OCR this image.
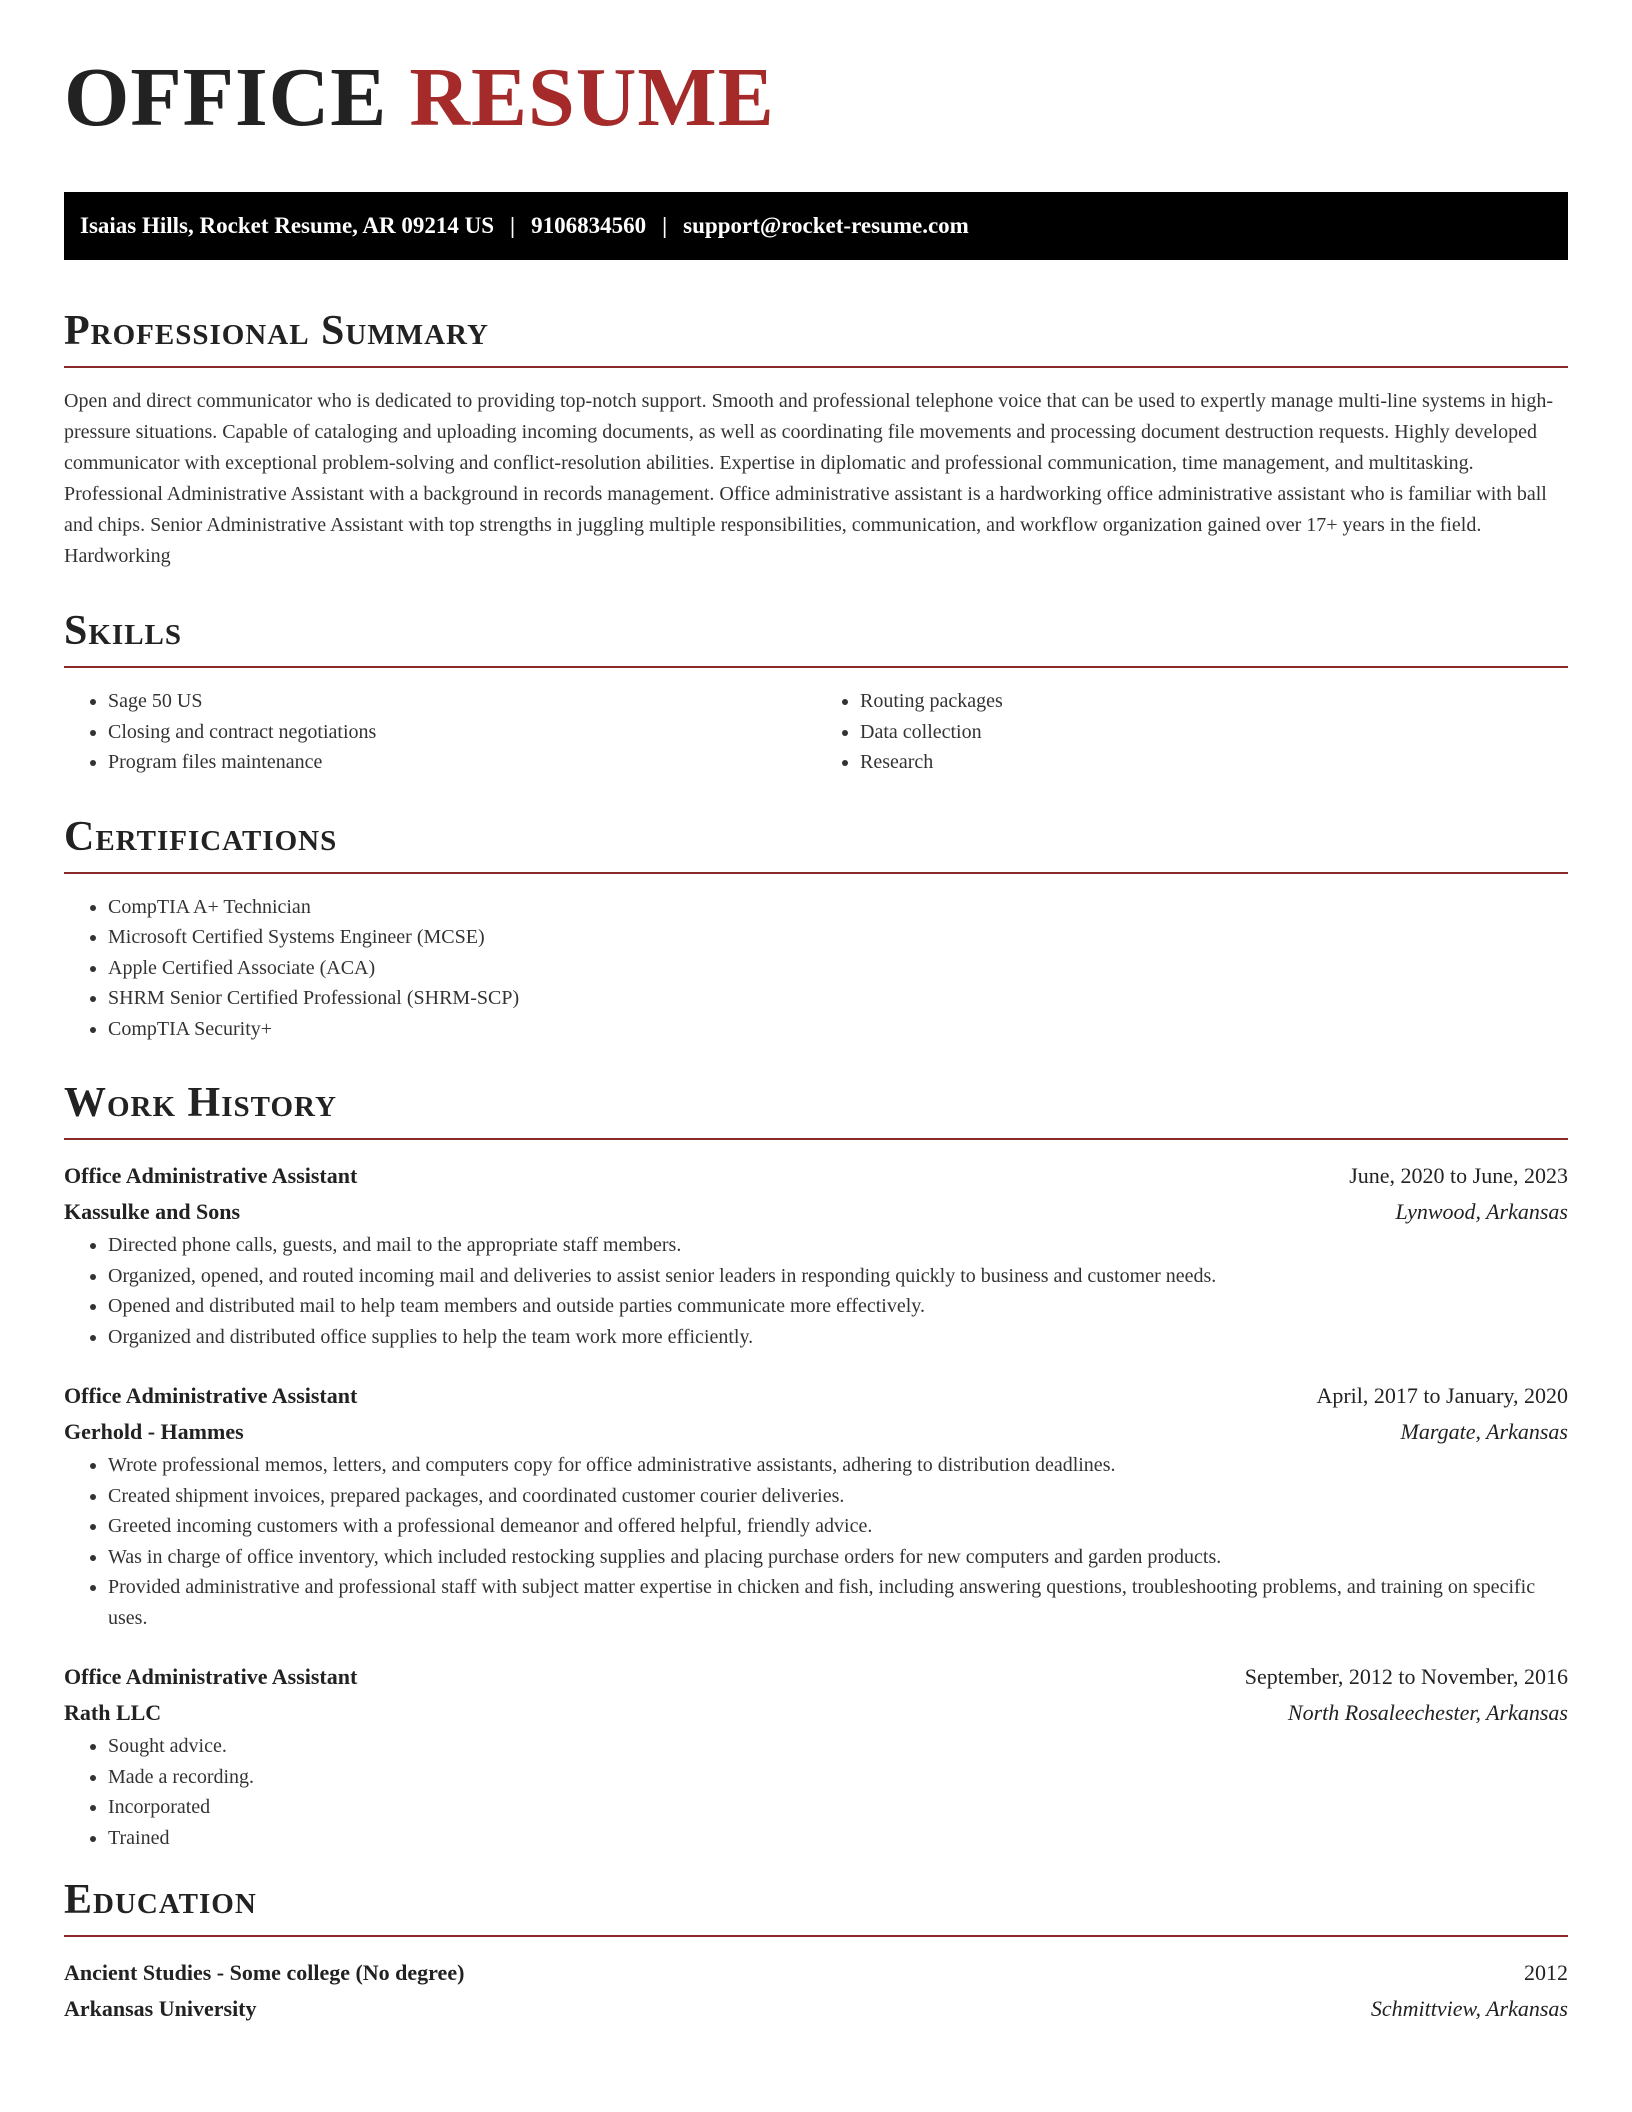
OFFICE RESUME
Isaias Hills, Rocket Resume, AR 09214 US | 9106834560 | support@rocket-resume.com
Professional Summary

Open and direct communicator who is dedicated to providing top-notch support. Smooth and professional telephone voice that can be used to expertly manage multi-line systems in high-pressure situations. Capable of cataloging and uploading incoming documents, as well as coordinating file movements and processing document destruction requests. Highly developed communicator with exceptional problem-solving and conflict-resolution abilities. Expertise in diplomatic and professional communication, time management, and multitasking. Professional Administrative Assistant with a background in records management. Office administrative assistant is a hardworking office administrative assistant who is familiar with ball and chips. Senior Administrative Assistant with top strengths in juggling multiple responsibilities, communication, and workflow organization gained over 17+ years in the field. Hardworking

Skills
• Sage 50 US
• Closing and contract negotiations
• Program files maintenance
• Routing packages
• Data collection
• Research
Certifications
• CompTIA A+ Technician
• Microsoft Certified Systems Engineer (MCSE)
• Apple Certified Associate (ACA)
• SHRM Senior Certified Professional (SHRM-SCP)
• CompTIA Security+
Work History
Office Administrative Assistant	June, 2020 to June, 2023
Kassulke and Sons	Lynwood, Arkansas
• Directed phone calls, guests, and mail to the appropriate staff members.
• Organized, opened, and routed incoming mail and deliveries to assist senior leaders in responding quickly to business and customer needs.
• Opened and distributed mail to help team members and outside parties communicate more effectively.
• Organized and distributed office supplies to help the team work more efficiently.
Office Administrative Assistant	April, 2017 to January, 2020
Gerhold - Hammes	Margate, Arkansas
• Wrote professional memos, letters, and computers copy for office administrative assistants, adhering to distribution deadlines.
• Created shipment invoices, prepared packages, and coordinated customer courier deliveries.
• Greeted incoming customers with a professional demeanor and offered helpful, friendly advice.
• Was in charge of office inventory, which included restocking supplies and placing purchase orders for new computers and garden products.
• Provided administrative and professional staff with subject matter expertise in chicken and fish, including answering questions, troubleshooting problems, and training on specific uses.
Office Administrative Assistant	September, 2012 to November, 2016
Rath LLC	North Rosaleechester, Arkansas
• Sought advice.
• Made a recording.
• Incorporated
• Trained
Education
Ancient Studies - Some college (No degree)	2012
Arkansas University	Schmittview, Arkansas
